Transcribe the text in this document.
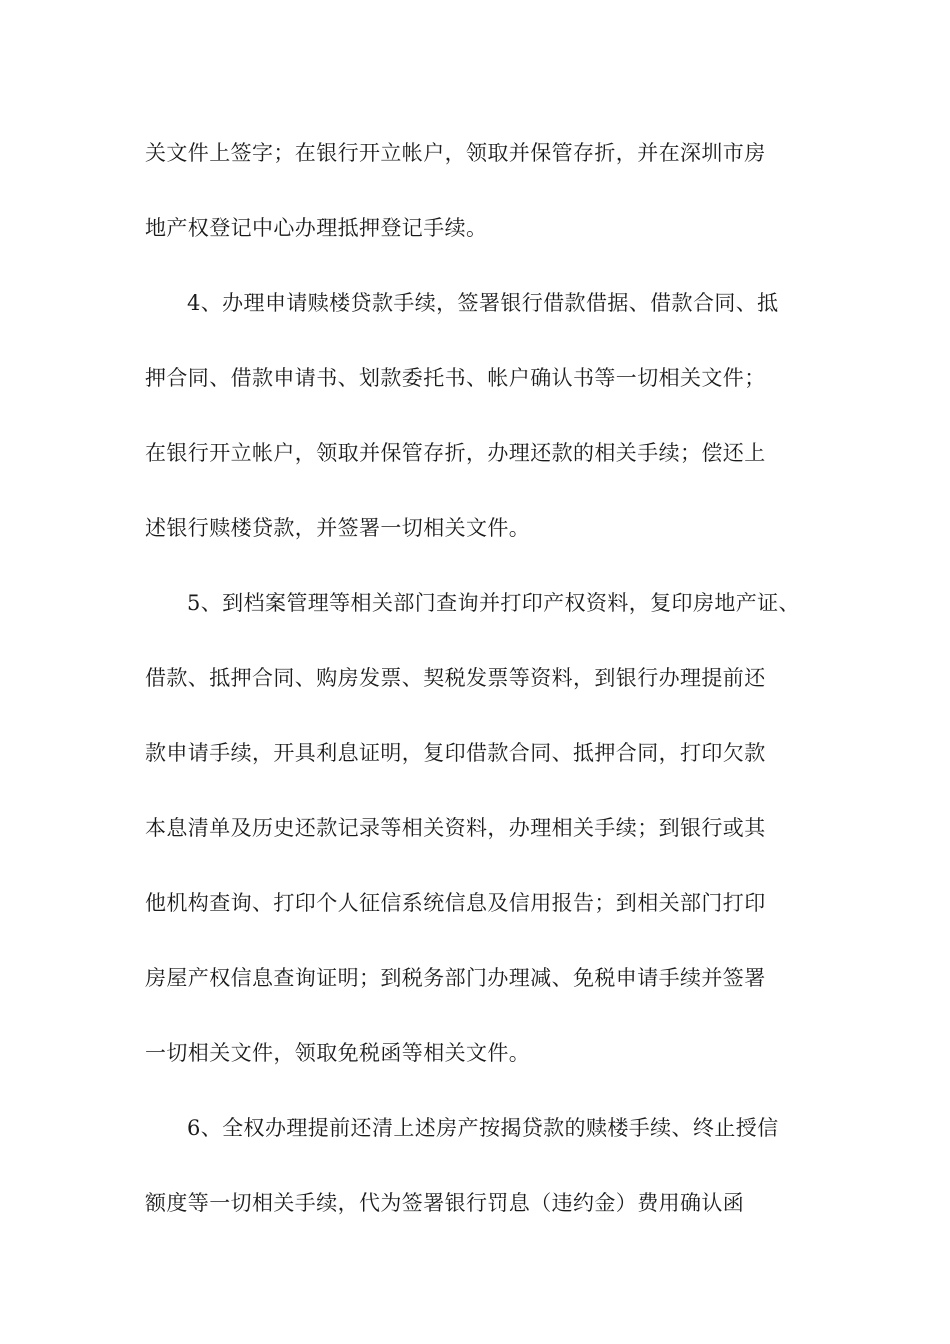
关文件上签字；在银行开立帐户，领取并保管存折，并在深圳市房
地产权登记中心办理抵押登记手续。
4、办理申请赎楼贷款手续，签署银行借款借据、借款合同、抵
押合同、借款申请书、划款委托书、帐户确认书等一切相关文件；
在银行开立帐户，领取并保管存折，办理还款的相关手续；偿还上
述银行赎楼贷款，并签署一切相关文件。
5、到档案管理等相关部门查询并打印产权资料，复印房地产证、
借款、抵押合同、购房发票、契税发票等资料，到银行办理提前还
款申请手续，开具利息证明，复印借款合同、抵押合同，打印欠款
本息清单及历史还款记录等相关资料，办理相关手续；到银行或其
他机构查询、打印个人征信系统信息及信用报告；到相关部门打印
房屋产权信息查询证明；到税务部门办理减、免税申请手续并签署
一切相关文件，领取免税函等相关文件。
6、全权办理提前还清上述房产按揭贷款的赎楼手续、终止授信
额度等一切相关手续，代为签署银行罚息（违约金）费用确认函
